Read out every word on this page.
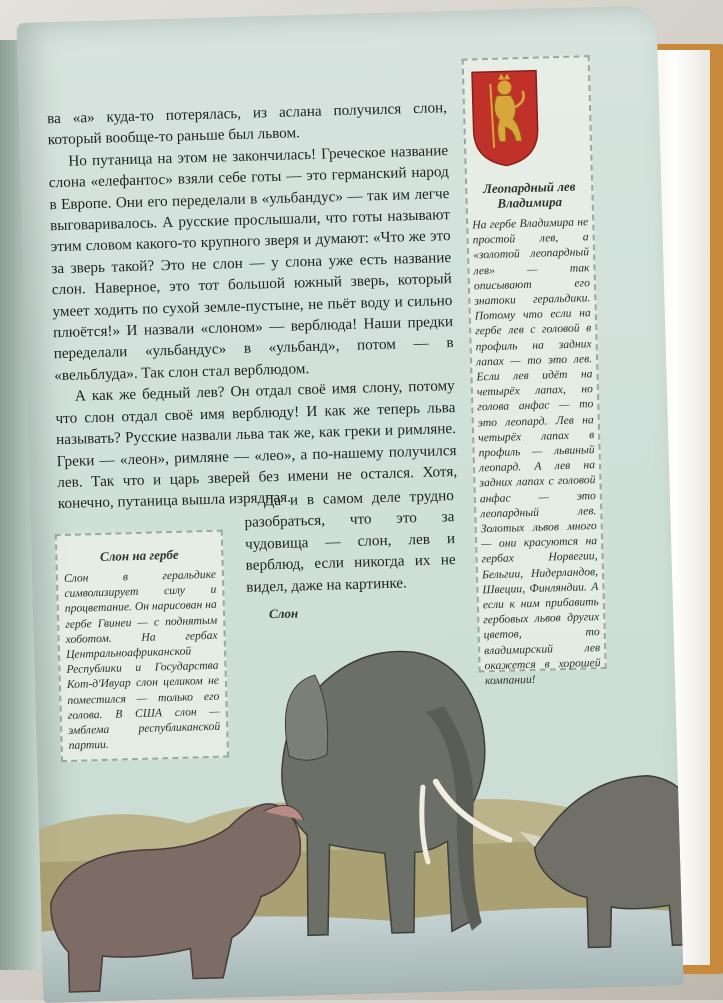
ва «а» куда-то потерялась, из аслана получился слон, который вообще-то раньше был львом.

Но путаница на этом не закончилась! Греческое название слона «елефантос» взяли себе готы — это германский народ в Европе. Они его переделали в «ульбандус» — так им легче выговаривалось. А русские прослышали, что готы называют этим словом какого-то крупного зверя и думают: «Что же это за зверь такой? Это не слон — у слона уже есть название слон. Наверное, это тот большой южный зверь, который умеет ходить по сухой земле-пустыне, не пьёт воду и сильно плюётся!» И назвали «слоном» — верблюда! Наши предки переделали «ульбандус» в «ульбанд», потом — в «вельблуда». Так слон стал верблюдом.

А как же бедный лев? Он отдал своё имя слону, потому что слон отдал своё имя верблюду! И как же теперь льва называть? Русские назвали льва так же, как греки и римляне. Греки — «леон», римляне — «лео», а по-нашему получился лев. Так что и царь зверей без имени не остался. Хотя, конечно, путаница вышла изрядная.

Да и в самом деле трудно разобраться, что это за чудовища — слон, лев и верблюд, если никогда их не видел, даже на картинке.

Леопардный лев Владимира
На гербе Владимира не простой лев, а «золотой леопардный лев» — так описывают его знатоки геральдики. Потому что если на гербе лев с головой в профиль на задних лапах — то это лев. Если лев идёт на четырёх лапах, но голова анфас — то это леопард. Лев на четырёх лапах в профиль — львиный леопард. А лев на задних лапах с головой анфас — это леопардный лев. Золотых львов много — они красуются на гербах Норвегии, Бельгии, Нидерландов, Швеции, Финляндии. А если к ним прибавить гербовых львов других цветов, то владимирский лев окажется в хорошей компании!
Слон на гербе
Слон в геральдике символизирует силу и процветание. Он нарисован на гербе Гвинеи — с поднятым хоботом. На гербах Центральноафриканской Республики и Государства Кот-д'Ивуар слон целиком не поместился — только его голова. В США слон — эмблема республиканской партии.
Слон
